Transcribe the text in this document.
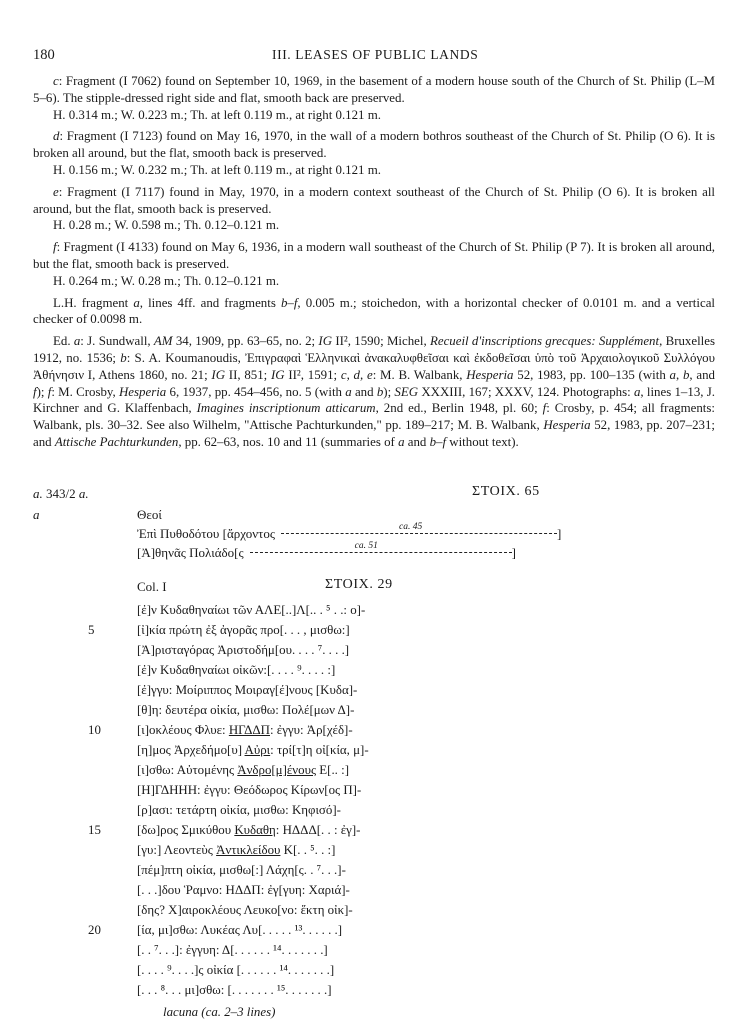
180	III. LEASES OF PUBLIC LANDS

c: Fragment (I 7062) found on September 10, 1969, in the basement of a modern house south of the Church of St. Philip (L–M 5–6). The stipple-dressed right side and flat, smooth back are preserved.

H. 0.314 m.; W. 0.223 m.; Th. at left 0.119 m., at right 0.121 m.

d: Fragment (I 7123) found on May 16, 1970, in the wall of a modern bothros southeast of the Church of St. Philip (O 6). It is broken all around, but the flat, smooth back is preserved.

H. 0.156 m.; W. 0.232 m.; Th. at left 0.119 m., at right 0.121 m.

e: Fragment (I 7117) found in May, 1970, in a modern context southeast of the Church of St. Philip (O 6). It is broken all around, but the flat, smooth back is preserved.

H. 0.28 m.; W. 0.598 m.; Th. 0.12–0.121 m.

f: Fragment (I 4133) found on May 6, 1936, in a modern wall southeast of the Church of St. Philip (P 7). It is broken all around, but the flat, smooth back is preserved.

H. 0.264 m.; W. 0.28 m.; Th. 0.12–0.121 m.

L.H. fragment a, lines 4ff. and fragments b–f, 0.005 m.; stoichedon, with a horizontal checker of 0.0101 m. and a vertical checker of 0.0098 m.

Ed. a: J. Sundwall, AM 34, 1909, pp. 63–65, no. 2; IG II², 1590; Michel, Recueil d'inscriptions grecques: Supplément, Bruxelles 1912, no. 1536; b: S. A. Koumanoudis, Ἐπιγραφαὶ Ἑλληνικαὶ ἀνακαλυφθεῖσαι καὶ ἐκδοθεῖσαι ὑπὸ τοῦ Ἀρχαιολογικοῦ Συλλόγου Ἀθήνησιν I, Athens 1860, no. 21; IG II, 851; IG II², 1591; c, d, e: M. B. Walbank, Hesperia 52, 1983, pp. 100–135 (with a, b, and f); f: M. Crosby, Hesperia 6, 1937, pp. 454–456, no. 5 (with a and b); SEG XXXIII, 167; XXXV, 124. Photographs: a, lines 1–13, J. Kirchner and G. Klaffenbach, Imagines inscriptionum atticarum, 2nd ed., Berlin 1948, pl. 60; f: Crosby, p. 454; all fragments: Walbank, pls. 30–32. See also Wilhelm, "Attische Pachturkunden," pp. 189–217; M. B. Walbank, Hesperia 52, 1983, pp. 207–231; and Attische Pachturkunden, pp. 62–63, nos. 10 and 11 (summaries of a and b–f without text).

a. 343/2 a.	ΣΤΟΙΧ. 65
a	Θεοί
Ἐπὶ Πυθοδότου [ἄρχοντος	ca. 45	]
[Ἀ]θηνᾶς Πολιάδο[ς	ca. 51	]
Col. I	ΣΤΟΙΧ. 29
[ἐ]ν Κυδαθηναίωι τῶν ΑΛΕ[..]Λ[.. . ⁵ . .: ο]-
5	[ἰ]κία πρώτη ἐξ ἀγορᾶς προ[. . . , μισθω:]
[Ἀ]ρισταγόρας Ἀριστοδήμ[ου. . . . ⁷. . . .]
[ἐ]ν Κυδαθηναίωι οἰκῶν:[. . . . ⁹. . . . :]
[ἐ]γγυ: Μοίριππος Μοιραγ[έ]νους [Κυδα]-
[θ]η: δευτέρα οἰκία, μισθω: Πολέ[μων Δ]-
10	[ι]οκλέους Φλυε: ΗΓΔΔΠ: ἐγγυ: Ἀρ[χέδ]-
[η]μος Ἀρχεδήμο[υ] Αὐρι: τρί[τ]η οἰ[κία, μ]-
[ι]σθω: Αὐτομένης Ἀνδρο[μ]ένους Ε[.. :]
[Η]ΓΔΗΗΗ: ἐγγυ: Θεόδωρος Κίρων[ος Π]-
[ρ]ασι: τετάρτη οἰκία, μισθω: Κηφισό]-
15	[δω]ρος Σμικύθου Κυδαθη: ΗΔΔΔ[. . : ἐγ]-
[γυ:] Λεοντεὺς Ἀντικλείδου Κ[. . ⁵. . :]
[πέμ]πτη οἰκία, μισθω[:] Λάχη[ς. . ⁷. . .]-
[. . .]δου Ῥαμνο: ΗΔΔΠ: ἐγ[γυη: Χαριά]-
[δης? Χ]αιροκλέους Λευκο[νο: ἕκτη οἰκ]-
20	[ία, μι]σθω: Λυκέας Λυ[. . . . . ¹³. . . . . .]
[. . ⁷. . .]: ἐγγυη: Δ[. . . . . . ¹⁴. . . . . . .]
[. . . . ⁹. . . .]ς οἰκία [. . . . . . ¹⁴. . . . . . .]
[. . . ⁸. . . μι]σθω: [. . . . . . . ¹⁵. . . . . . .]
lacuna (ca. 2–3 lines)
